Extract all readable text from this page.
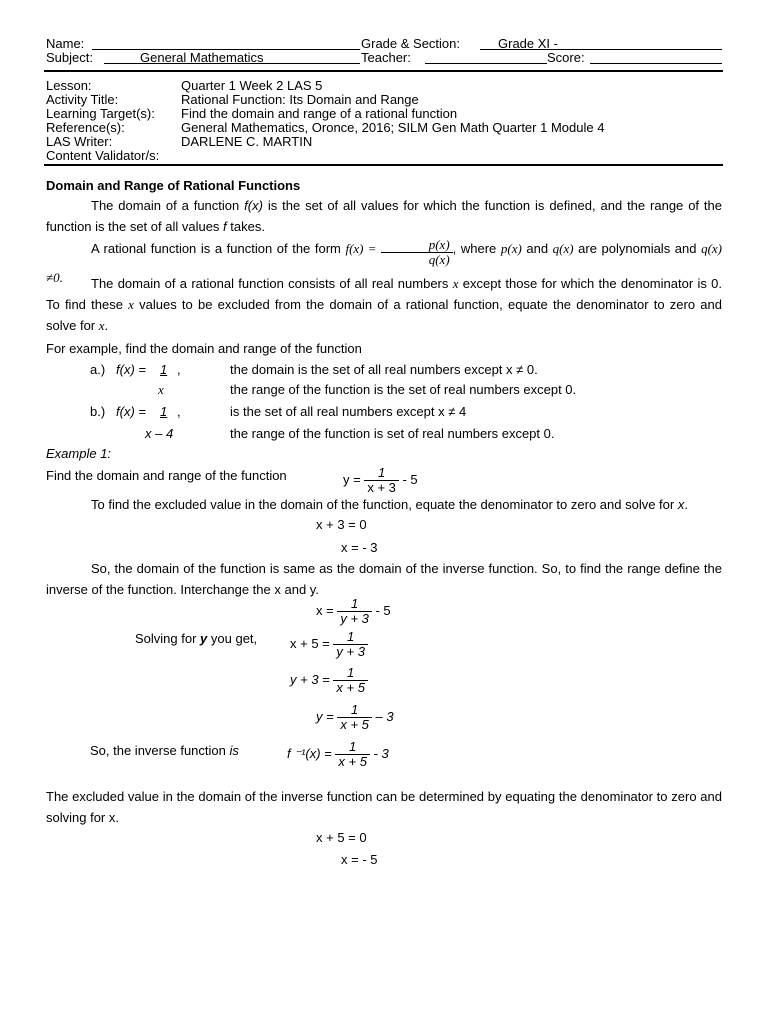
Name:	Grade & Section:	Grade XI -
Subject:	General Mathematics	Teacher:	Score:
Lesson:	Quarter 1 Week 2 LAS 5
Activity Title:	Rational Function: Its Domain and Range
Learning Target(s): Find the domain and range of a rational function
Reference(s):	General Mathematics, Oronce, 2016; SILM Gen Math Quarter 1 Module 4
LAS Writer:	DARLENE C. MARTIN
Content Validator/s:
Domain and Range of Rational Functions
The domain of a function f(x) is the set of all values for which the function is defined, and the range of the function is the set of all values f takes.
A rational function is a function of the form $f(x) = \frac{p(x)}{q(x)}$ , where p(x) and q(x) are polynomials and q(x) ≠0.	The domain of a rational function consists of all real numbers x except those for which the denominator is 0. To find these x values to be excluded from the domain of a rational function, equate the denominator to zero and solve for x.
For example, find the domain and range of the function
a.) f(x) = 1 ,
x
the domain is the set of all real numbers except x ≠ 0.
the range of the function is the set of real numbers except 0.
b.) f(x) = 1 ,
x – 4
is the set of all real numbers except x ≠ 4
the range of the function is set of real numbers except 0.
Example 1:
Find the domain and range of the function	$y = \frac{1}{x + 3} - 5$
To find the excluded value in the domain of the function, equate the denominator to zero and solve for x.
x + 3 = 0
x = - 3
So, the domain of the function is same as the domain of the inverse function. So, to find the range define the inverse of the function. Interchange the x and y.
$x = \frac{1}{y + 3} - 5$
Solving for y you get,	$x + 5 = \frac{1}{y + 3}$
$y + 3 = \frac{1}{x + 5}$
$y = \frac{1}{x + 5} - 3$
So, the inverse function is	f $^{-1}(x) = \frac{1}{x + 5} - 3$
The excluded value in the domain of the inverse function can be determined by equating the denominator to zero and solving for x.
x + 5 = 0
x = - 5
